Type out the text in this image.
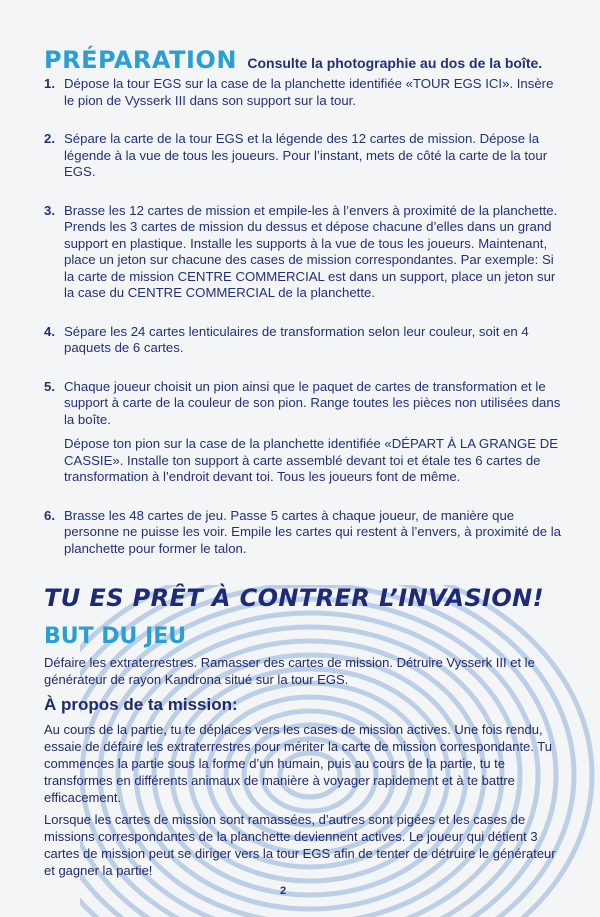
PRÉPARATION Consulte la photographie au dos de la boîte.
1. Dépose la tour EGS sur la case de la planchette identifiée «TOUR EGS ICI». Insère le pion de Vysserk III dans son support sur la tour.

2. Sépare la carte de la tour EGS et la légende des 12 cartes de mission. Dépose la légende à la vue de tous les joueurs. Pour l’instant, mets de côté la carte de la tour EGS.

3. Brasse les 12 cartes de mission et empile-les à l’envers à proximité de la planchette. Prends les 3 cartes de mission du dessus et dépose chacune d’elles dans un grand support en plastique. Installe les supports à la vue de tous les joueurs. Maintenant, place un jeton sur chacune des cases de mission correspondantes. Par exemple: Si la carte de mission CENTRE COMMERCIAL est dans un support, place un jeton sur la case du CENTRE COMMERCIAL de la planchette.

4. Sépare les 24 cartes lenticulaires de transformation selon leur couleur, soit en 4 paquets de 6 cartes.

5. Chaque joueur choisit un pion ainsi que le paquet de cartes de transformation et le support à carte de la couleur de son pion. Range toutes les pièces non utilisées dans la boîte.

Dépose ton pion sur la case de la planchette identifiée «DÉPART À LA GRANGE DE CASSIE». Installe ton support à carte assemblé devant toi et étale tes 6 cartes de transformation à l’endroit devant toi. Tous les joueurs font de même.

6. Brasse les 48 cartes de jeu. Passe 5 cartes à chaque joueur, de manière que personne ne puisse les voir. Empile les cartes qui restent à l’envers, à proximité de la planchette pour former le talon.

TU ES PRÊT À CONTRER L’INVASION!
BUT DU JEU

Défaire les extraterrestres. Ramasser des cartes de mission. Détruire Vysserk III et le générateur de rayon Kandrona situé sur la tour EGS.

À propos de ta mission:

Au cours de la partie, tu te déplaces vers les cases de mission actives. Une fois rendu, essaie de défaire les extraterrestres pour mériter la carte de mission correspondante. Tu commences la partie sous la forme d’un humain, puis au cours de la partie, tu te transformes en différents animaux de manière à voyager rapidement et à te battre efficacement.

Lorsque les cartes de mission sont ramassées, d’autres sont pigées et les cases de missions correspondantes de la planchette deviennent actives. Le joueur qui détient 3 cartes de mission peut se diriger vers la tour EGS afin de tenter de détruire le générateur et gagner la partie!

2
